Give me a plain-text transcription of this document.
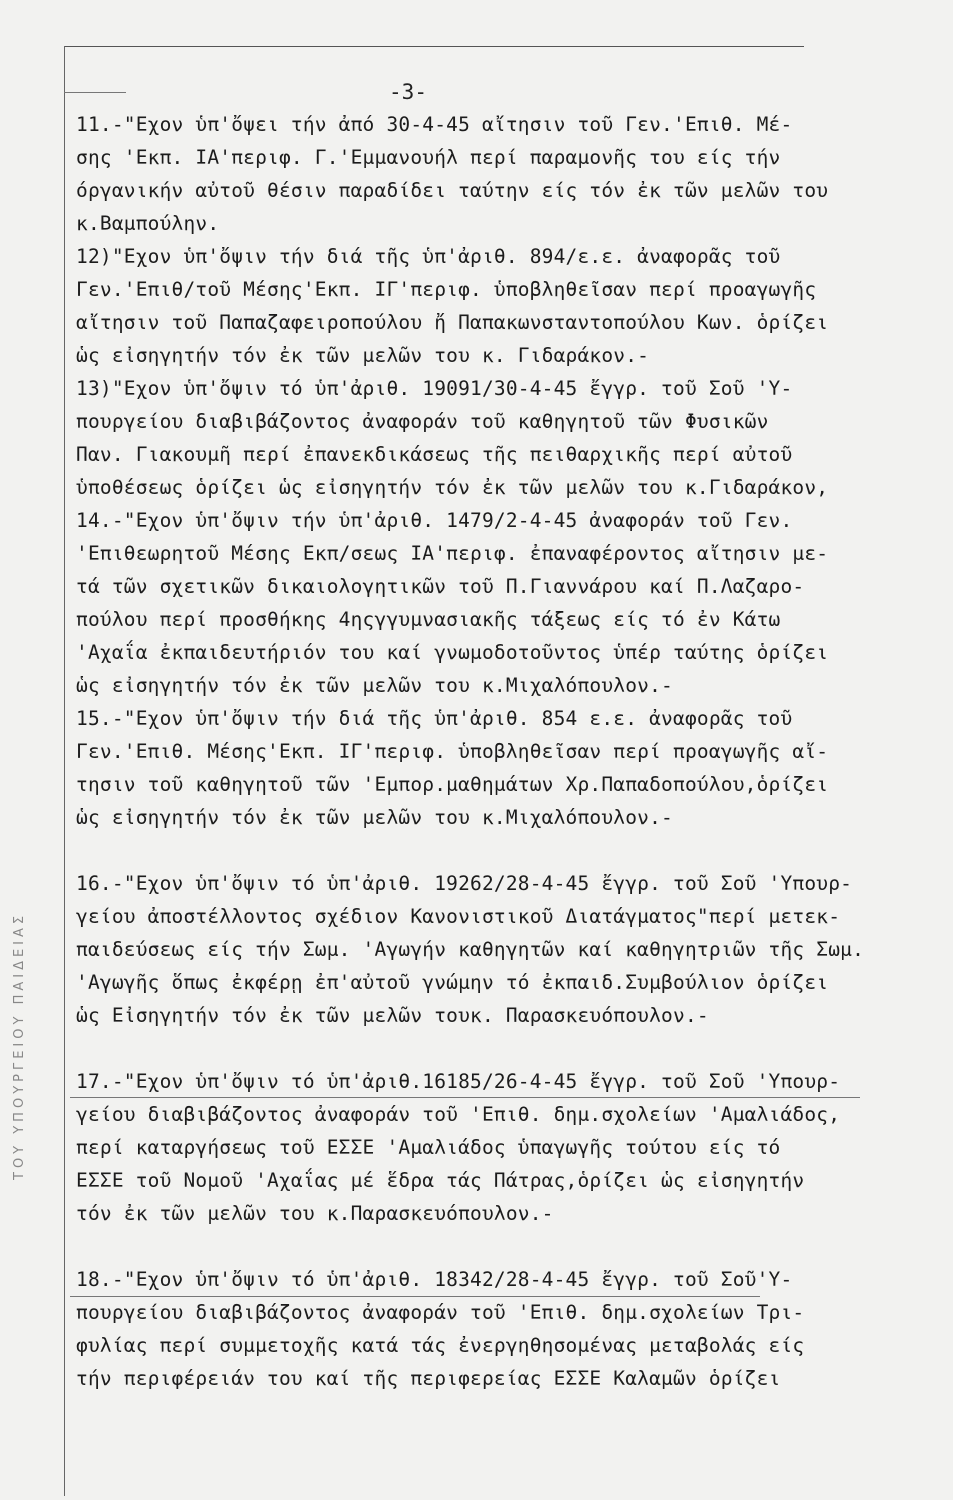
ΤΟΥ ΥΠΟΥΡΓΕΙΟΥ ΠΑΙΔΕΙΑΣ
-3-
11.-"Εχον ὑπ'ὄψει τήν ἀπό 30-4-45 αἴτησιν τοῦ Γεν.'Επιθ. Μέ-
σης 'Εκπ. ΙΑ'περιφ. Γ.'Εμμανουήλ περί παραμονῆς του είς τήν
όργανικήν αὐτοῦ θέσιν παραδίδει ταύτην είς τόν ἐκ τῶν μελῶν του
κ.Βαμπούλην.
12)"Εχον ὑπ'ὄψιν τήν διά τῆς ὑπ'ἀριθ. 894/ε.ε. ἀναφορᾶς τοῦ
Γεν.'Επιθ/τοῦ Μέσης'Εκπ. ΙΓ'περιφ. ὑποβληθεῖσαν περί προαγωγῆς
αἴτησιν τοῦ Παπαζαφειροπούλου ἤ Παπακωνσταντοπούλου Κων. ὁρίζει
ὡς εἰσηγητήν τόν ἐκ τῶν μελῶν του κ. Γιδαράκον.-
13)"Εχον ὑπ'ὄψιν τό ὑπ'ἀριθ. 19091/30-4-45 ἔγγρ. τοῦ Σοῦ 'Υ-
πουργείου διαβιβάζοντος ἀναφοράν τοῦ καθηγητοῦ τῶν Φυσικῶν
Παν. Γιακουμῆ περί ἐπανεκδικάσεως τῆς πειθαρχικῆς περί αὐτοῦ
ὑποθέσεως ὁρίζει ὡς εἰσηγητήν τόν ἐκ τῶν μελῶν του κ.Γιδαράκον,
14.-"Εχον ὑπ'ὄψιν τήν ὑπ'ἀριθ. 1479/2-4-45 ἀναφοράν τοῦ Γεν.
'Επιθεωρητοῦ Μέσης Εκπ/σεως ΙΑ'περιφ. ἐπαναφέροντος αἴτησιν με-
τά τῶν σχετικῶν δικαιολογητικῶν τοῦ Π.Γιαννάρου καί Π.Λαζαρο-
πούλου περί προσθήκης 4ηςγγυμνασιακῆς τάξεως είς τό ἐν Κάτω
'Αχαΐα ἐκπαιδευτήριόν του καί γνωμοδοτοῦντος ὑπέρ ταύτης ὁρίζει
ὡς εἰσηγητήν τόν ἐκ τῶν μελῶν του κ.Μιχαλόπουλον.-
15.-"Εχον ὑπ'ὄψιν τήν διά τῆς ὑπ'ἀριθ. 854 ε.ε. ἀναφορᾶς τοῦ
Γεν.'Επιθ. Μέσης'Εκπ. ΙΓ'περιφ. ὑποβληθεῖσαν περί προαγωγῆς αἴ-
τησιν τοῦ καθηγητοῦ τῶν 'Εμπορ.μαθημάτων Χρ.Παπαδοπούλου,ὁρίζει
ὡς εἰσηγητήν τόν ἐκ τῶν μελῶν του κ.Μιχαλόπουλον.-
16.-"Εχον ὑπ'ὄψιν τό ὑπ'ἀριθ. 19262/28-4-45 ἔγγρ. τοῦ Σοῦ 'Υπουρ-
γείου ἀποστέλλοντος σχέδιον Κανονιστικοῦ Διατάγματος"περί μετεκ-
παιδεύσεως είς τήν Σωμ. 'Αγωγήν καθηγητῶν καί καθηγητριῶν τῆς Σωμ.
'Αγωγῆς ὅπως ἐκφέρῃ ἐπ'αὐτοῦ γνώμην τό ἐκπαιδ.Συμβούλιον ὁρίζει
ὡς Εἰσηγητήν τόν ἐκ τῶν μελῶν τουκ. Παρασκευόπουλον.-
17.-"Εχον ὑπ'ὄψιν τό ὑπ'ἀριθ.16185/26-4-45 ἔγγρ. τοῦ Σοῦ 'Υπουρ-
γείου διαβιβάζοντος ἀναφοράν τοῦ 'Επιθ. δημ.σχολείων 'Αμαλιάδος,
περί καταργήσεως τοῦ ΕΣΣΕ 'Αμαλιάδος ὑπαγωγῆς τούτου είς τό
ΕΣΣΕ τοῦ Νομοῦ 'Αχαΐας μέ ἕδρα τάς Πάτρας,ὁρίζει ὡς εἰσηγητήν
τόν ἐκ τῶν μελῶν του κ.Παρασκευόπουλον.-
18.-"Εχον ὑπ'ὄψιν τό ὑπ'ἀριθ. 18342/28-4-45 ἔγγρ. τοῦ Σοῦ'Υ-
πουργείου διαβιβάζοντος ἀναφοράν τοῦ 'Επιθ. δημ.σχολείων Τρι-
φυλίας περί συμμετοχῆς κατά τάς ἐνεργηθησομένας μεταβολάς είς
τήν περιφέρειάν του καί τῆς περιφερείας ΕΣΣΕ Καλαμῶν ὁρίζει
